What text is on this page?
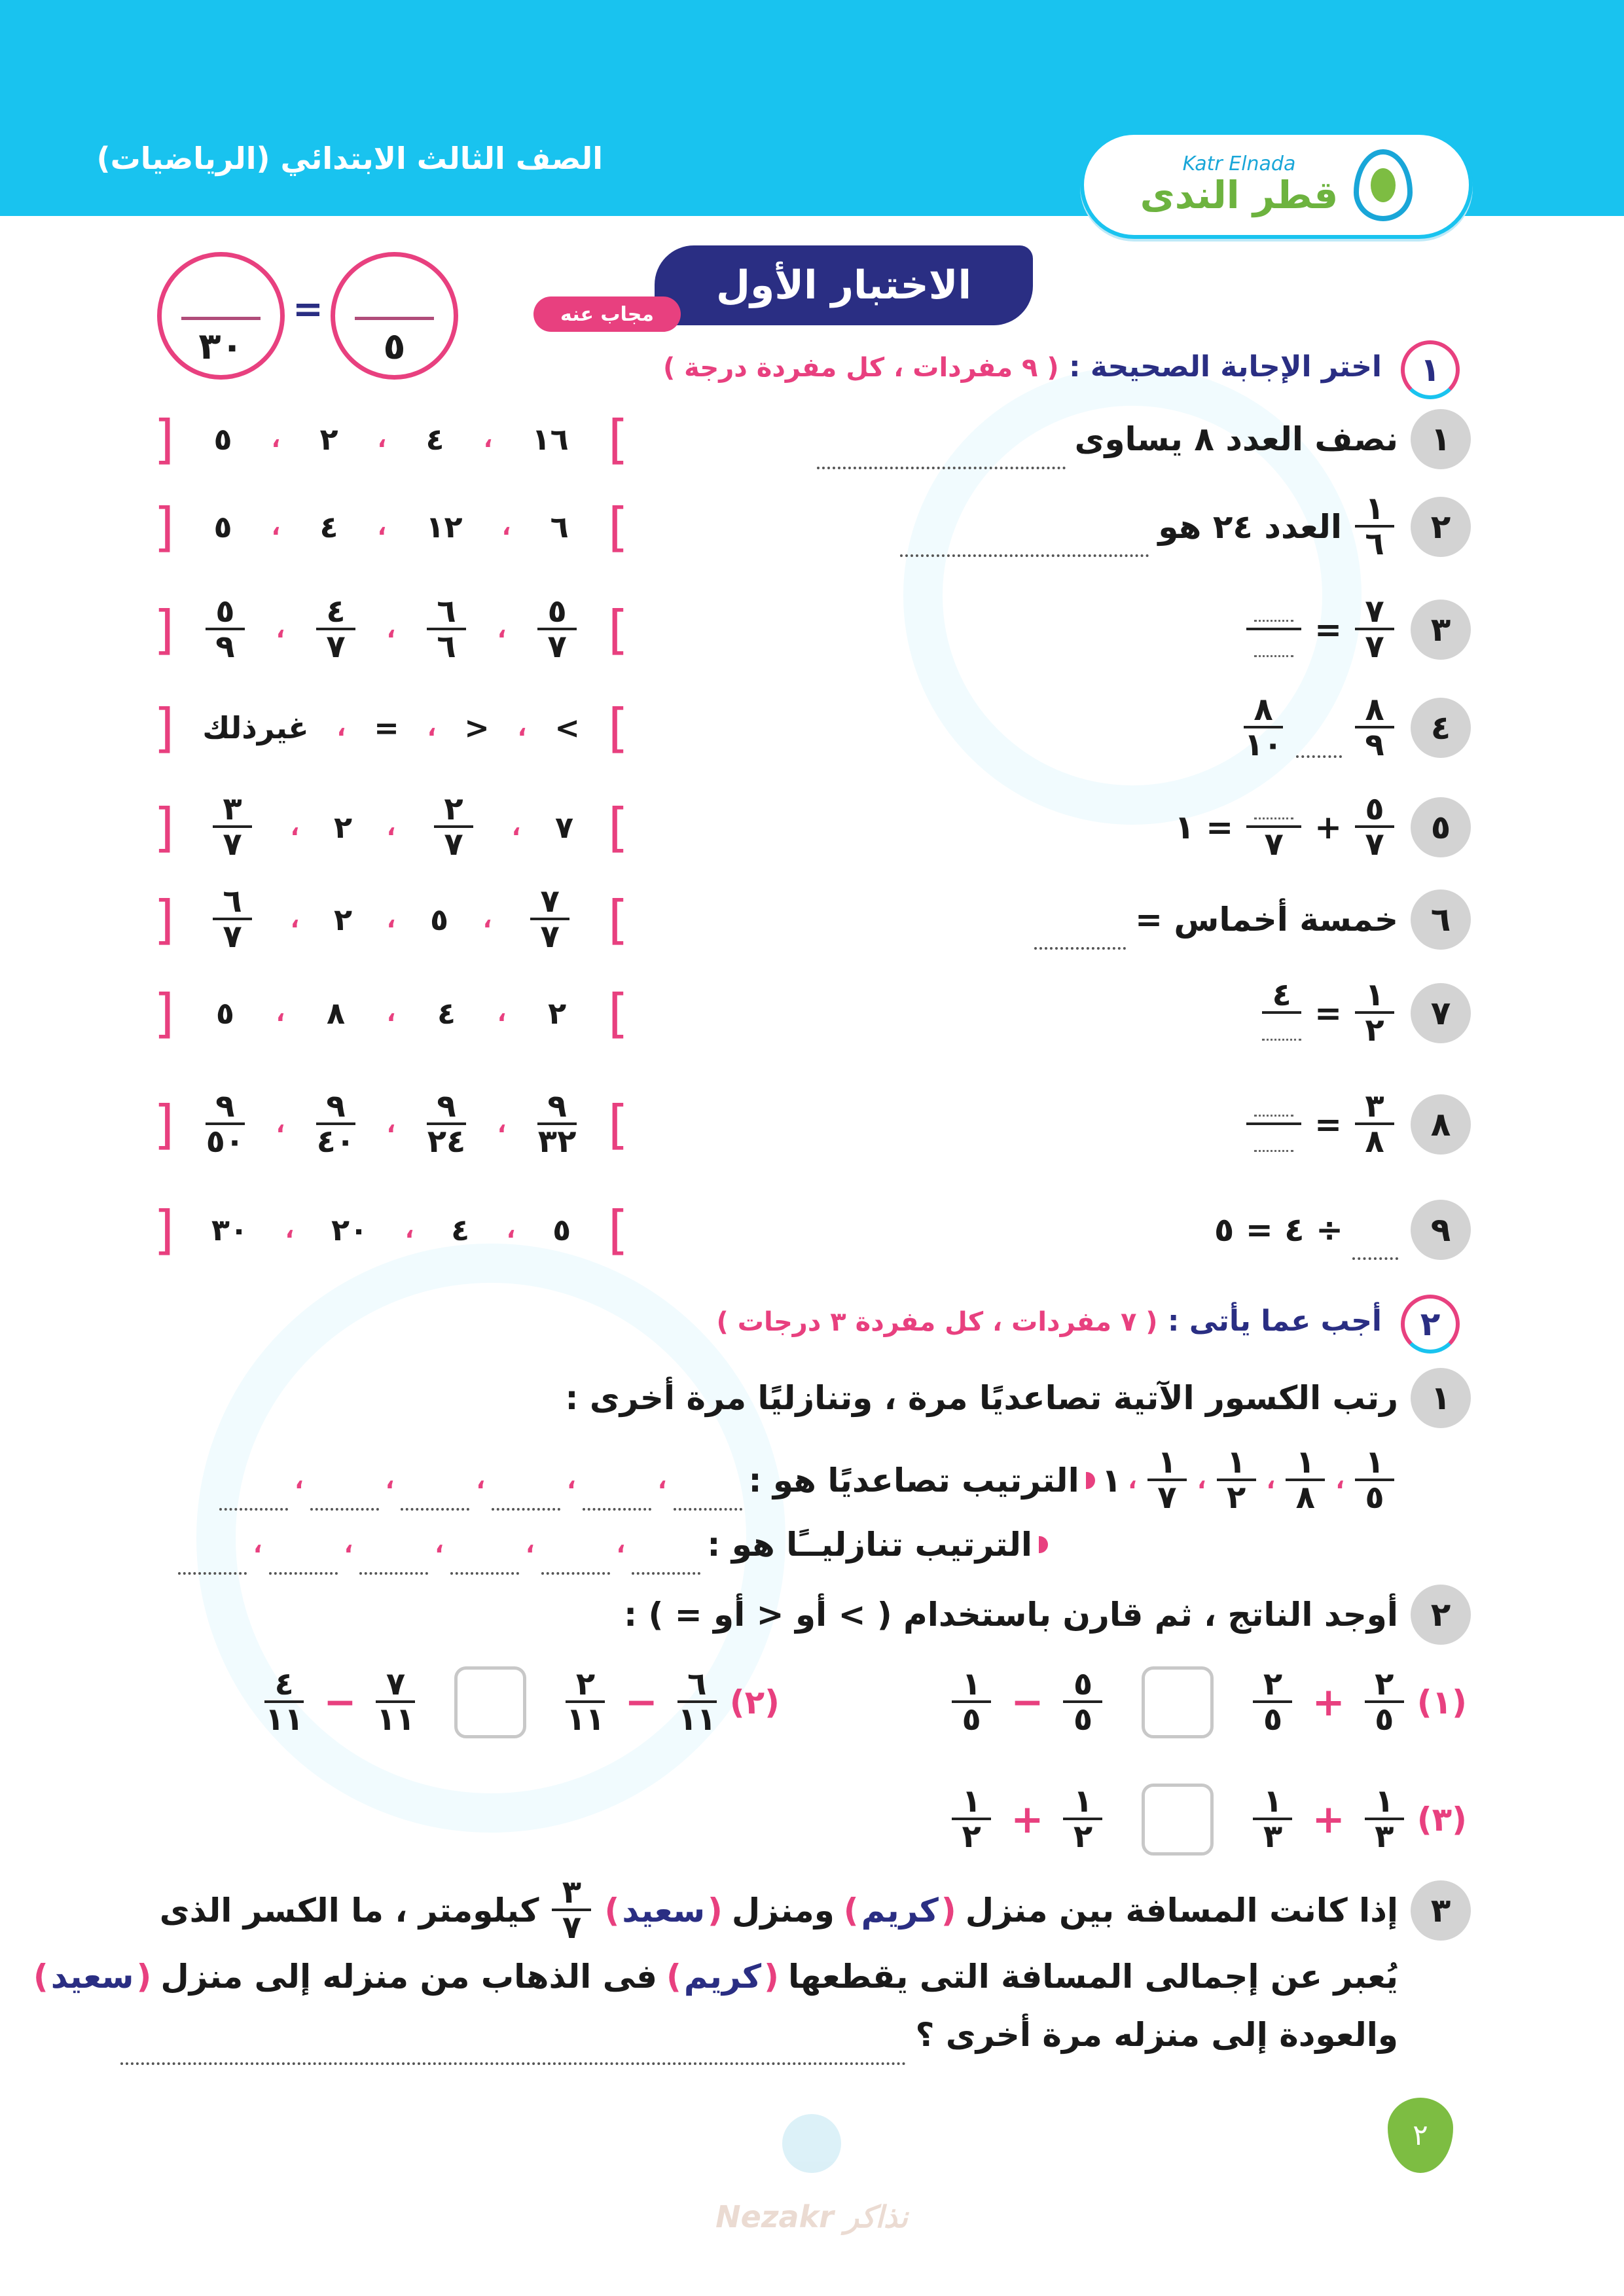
الصف الثالث الابتدائي (الرياضيات)	Katr Elnada
قطر الندى
الاختبار الأول
مجاب عنه
٣٠
=
٥
١
اختر الإجابة الصحيحة : ( ٩ مفردات ، كل مفردة درجة )
١
نصف العدد ٨ يساوى
]
١٦
،
٤
،
٢
،
٥
[
٢
$\frac{١}{٦}$
العدد ٢٤ هو
]
٦
،
١٢
،
٤
،
٥
[
٣
$\frac{٧}{٧}$
=
]
$\frac{٥}{٧}$
،
$\frac{٦}{٦}$
،
$\frac{٤}{٧}$
،
$\frac{٥}{٩}$
[
٤
$\frac{٨}{٩}$
$\frac{٨}{١٠}$
]
<
،
>
،
=
،
غيرذلك
[
٥
$\frac{٥}{٧}$
+
٧
١ =
]
٧
،
$\frac{٢}{٧}$
،
٢
،
$\frac{٣}{٧}$
[
٦
خمسة أخماس =
]
$\frac{٧}{٧}$
،
٥
،
٢
،
$\frac{٦}{٧}$
[
٧
$\frac{١}{٢}$
=
٤
]
٢
،
٤
،
٨
،
٥
[
٨
$\frac{٣}{٨}$
=
]
$\frac{٩}{٣٢}$
،
$\frac{٩}{٢٤}$
،
$\frac{٩}{٤٠}$
،
$\frac{٩}{٥٠}$
[
٩
٤ = ٥ ÷
]
٥
،
٤
،
٢٠
،
٣٠
[
٢
أجب عما يأتى : ( ٧ مفردات ، كل مفردة ٣ درجات )
١
رتب الكسور الآتية تصاعديًا مرة ، وتنازليًا مرة أخرى :
$\frac{١}{٥}$
،
$\frac{١}{٨}$
،
$\frac{١}{٢}$
،
$\frac{١}{٧}$
،
١
الترتيب تصاعديًا هو :
،
،
،
،
،
الترتيب تنازليــًا هو :
،
،
،
،
،
٢
أوجد الناتج ، ثم قارن باستخدام ( > أو < أو = ) :
(١)
$\frac{٢}{٥}$
+
$\frac{٢}{٥}$
$\frac{٥}{٥}$
−
$\frac{١}{٥}$
(٢)
$\frac{٦}{١١}$
−
$\frac{٢}{١١}$
$\frac{٧}{١١}$
−
$\frac{٤}{١١}$
(٣)
$\frac{١}{٣}$
+
$\frac{١}{٣}$
$\frac{١}{٢}$
+
$\frac{١}{٢}$
٣
إذا كانت المسافة بين منزل
( كريم )
ومنزل
( سعيد )
$\frac{٣}{٧}$
كيلومتر ، ما الكسر الذى
يُعبر عن إجمالى المسافة التى يقطعها
( كريم )
فى الذهاب من منزله إلى منزل
( سعيد )
والعودة إلى منزله مرة أخرى ؟
٢
Nezakr نذاكر
